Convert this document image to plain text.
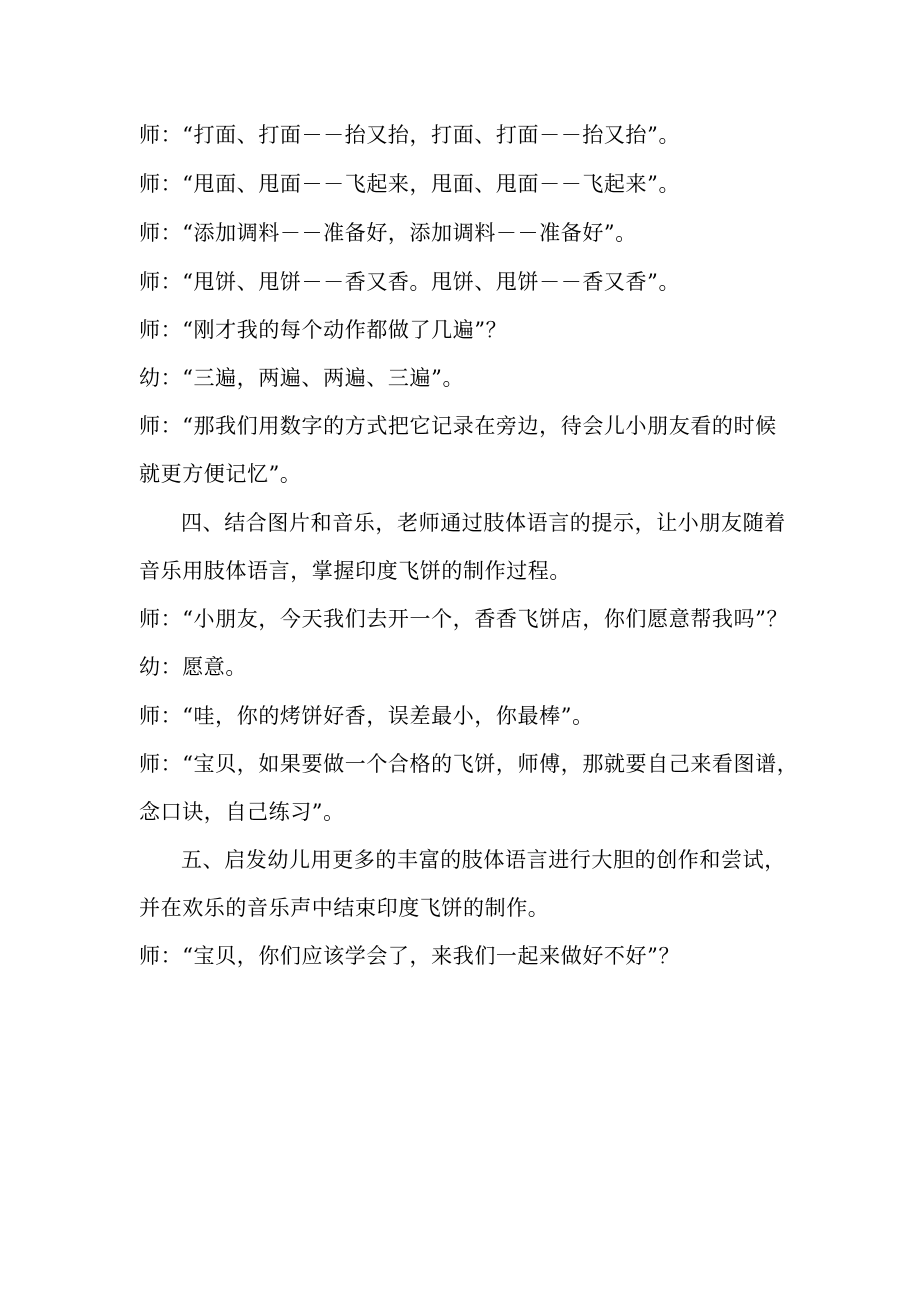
师：“打面、打面－－抬又抬，打面、打面－－抬又抬”。
师：“甩面、甩面－－飞起来，甩面、甩面－－飞起来”。
师：“添加调料－－准备好，添加调料－－准备好”。
师：“甩饼、甩饼－－香又香。甩饼、甩饼－－香又香”。
师：“刚才我的每个动作都做了几遍”？
幼：“三遍，两遍、两遍、三遍”。
师：“那我们用数字的方式把它记录在旁边，待会儿小朋友看的时候
就更方便记忆”。
四、结合图片和音乐，老师通过肢体语言的提示，让小朋友随着
音乐用肢体语言，掌握印度飞饼的制作过程。
师：“小朋友，今天我们去开一个，香香飞饼店，你们愿意帮我吗”？
幼：愿意。
师：“哇，你的烤饼好香，误差最小，你最棒”。
师：“宝贝，如果要做一个合格的飞饼，师傅，那就要自己来看图谱，
念口诀，自己练习”。
五、启发幼儿用更多的丰富的肢体语言进行大胆的创作和尝试，
并在欢乐的音乐声中结束印度飞饼的制作。
师：“宝贝，你们应该学会了，来我们一起来做好不好”？
